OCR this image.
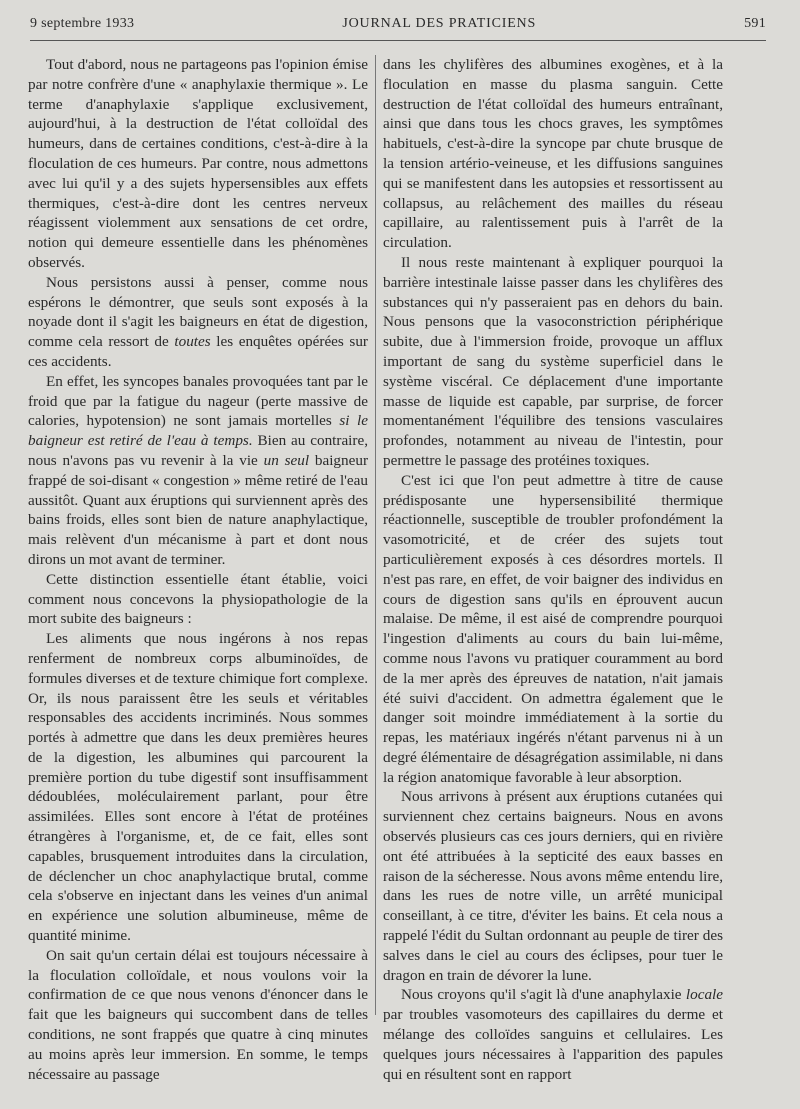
9 septembre 1933	JOURNAL DES PRATICIENS	591

Tout d'abord, nous ne partageons pas l'opinion émise par notre confrère d'une « anaphylaxie thermique ». Le terme d'anaphylaxie s'applique exclusivement, aujourd'hui, à la destruction de l'état colloïdal des humeurs, dans de certaines conditions, c'est-à-dire à la floculation de ces humeurs. Par contre, nous admettons avec lui qu'il y a des sujets hypersensibles aux effets thermiques, c'est-à-dire dont les centres nerveux réagissent violemment aux sensations de cet ordre, notion qui demeure essentielle dans les phénomènes observés.

Nous persistons aussi à penser, comme nous espérons le démontrer, que seuls sont exposés à la noyade dont il s'agit les baigneurs en état de digestion, comme cela ressort de toutes les enquêtes opérées sur ces accidents.

En effet, les syncopes banales provoquées tant par le froid que par la fatigue du nageur (perte massive de calories, hypotension) ne sont jamais mortelles si le baigneur est retiré de l'eau à temps. Bien au contraire, nous n'avons pas vu revenir à la vie un seul baigneur frappé de soi-disant « congestion » même retiré de l'eau aussitôt. Quant aux éruptions qui surviennent après des bains froids, elles sont bien de nature anaphylactique, mais relèvent d'un mécanisme à part et dont nous dirons un mot avant de terminer.

Cette distinction essentielle étant établie, voici comment nous concevons la physiopathologie de la mort subite des baigneurs :

Les aliments que nous ingérons à nos repas renferment de nombreux corps albuminoïdes, de formules diverses et de texture chimique fort complexe. Or, ils nous paraissent être les seuls et véritables responsables des accidents incriminés. Nous sommes portés à admettre que dans les deux premières heures de la digestion, les albumines qui parcourent la première portion du tube digestif sont insuffisamment dédoublées, moléculairement parlant, pour être assimilées. Elles sont encore à l'état de protéines étrangères à l'organisme, et, de ce fait, elles sont capables, brusquement introduites dans la circulation, de déclencher un choc anaphylactique brutal, comme cela s'observe en injectant dans les veines d'un animal en expérience une solution albumineuse, même de quantité minime.

On sait qu'un certain délai est toujours nécessaire à la floculation colloïdale, et nous voulons voir la confirmation de ce que nous venons d'énoncer dans le fait que les baigneurs qui succombent dans de telles conditions, ne sont frappés que quatre à cinq minutes au moins après leur immersion. En somme, le temps nécessaire au passage

dans les chylifères des albumines exogènes, et à la floculation en masse du plasma sanguin. Cette destruction de l'état colloïdal des humeurs entraînant, ainsi que dans tous les chocs graves, les symptômes habituels, c'est-à-dire la syncope par chute brusque de la tension artério-veineuse, et les diffusions sanguines qui se manifestent dans les autopsies et ressortissent au collapsus, au relâchement des mailles du réseau capillaire, au ralentissement puis à l'arrêt de la circulation.

Il nous reste maintenant à expliquer pourquoi la barrière intestinale laisse passer dans les chylifères des substances qui n'y passeraient pas en dehors du bain. Nous pensons que la vasoconstriction périphérique subite, due à l'immersion froide, provoque un afflux important de sang du système superficiel dans le système viscéral. Ce déplacement d'une importante masse de liquide est capable, par surprise, de forcer momentanément l'équilibre des tensions vasculaires profondes, notamment au niveau de l'intestin, pour permettre le passage des protéines toxiques.

C'est ici que l'on peut admettre à titre de cause prédisposante une hypersensibilité thermique réactionnelle, susceptible de troubler profondément la vasomotricité, et de créer des sujets tout particulièrement exposés à ces désordres mortels. Il n'est pas rare, en effet, de voir baigner des individus en cours de digestion sans qu'ils en éprouvent aucun malaise. De même, il est aisé de comprendre pourquoi l'ingestion d'aliments au cours du bain lui-même, comme nous l'avons vu pratiquer couramment au bord de la mer après des épreuves de natation, n'ait jamais été suivi d'accident. On admettra également que le danger soit moindre immédiatement à la sortie du repas, les matériaux ingérés n'étant parvenus ni à un degré élémentaire de désagrégation assimilable, ni dans la région anatomique favorable à leur absorption.

Nous arrivons à présent aux éruptions cutanées qui surviennent chez certains baigneurs. Nous en avons observés plusieurs cas ces jours derniers, qui en rivière ont été attribuées à la septicité des eaux basses en raison de la sécheresse. Nous avons même entendu lire, dans les rues de notre ville, un arrêté municipal conseillant, à ce titre, d'éviter les bains. Et cela nous a rappelé l'édit du Sultan ordonnant au peuple de tirer des salves dans le ciel au cours des éclipses, pour tuer le dragon en train de dévorer la lune.

Nous croyons qu'il s'agit là d'une anaphylaxie locale par troubles vasomoteurs des capillaires du derme et mélange des colloïdes sanguins et cellulaires. Les quelques jours nécessaires à l'apparition des papules qui en résultent sont en rapport
